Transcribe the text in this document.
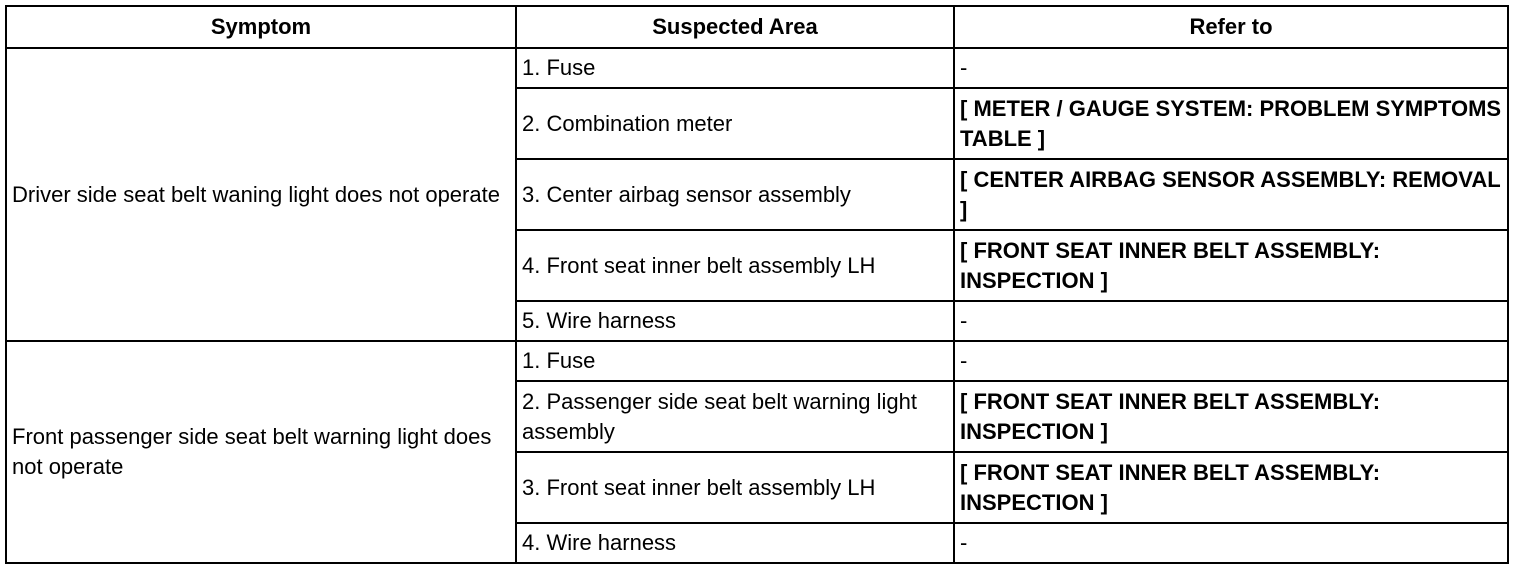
Symptom	Suspected Area	Refer to
Driver side seat belt waning light does not operate	1. Fuse	-
	2. Combination meter	[ METER / GAUGE SYSTEM: PROBLEM SYMPTOMS TABLE ]
	3. Center airbag sensor assembly	[ CENTER AIRBAG SENSOR ASSEMBLY: REMOVAL ]
	4. Front seat inner belt assembly LH	[ FRONT SEAT INNER BELT ASSEMBLY: INSPECTION ]
	5. Wire harness	-
Front passenger side seat belt warning light does not operate	1. Fuse	-
	2. Passenger side seat belt warning light assembly	[ FRONT SEAT INNER BELT ASSEMBLY: INSPECTION ]
	3. Front seat inner belt assembly LH	[ FRONT SEAT INNER BELT ASSEMBLY: INSPECTION ]
	4. Wire harness	-
